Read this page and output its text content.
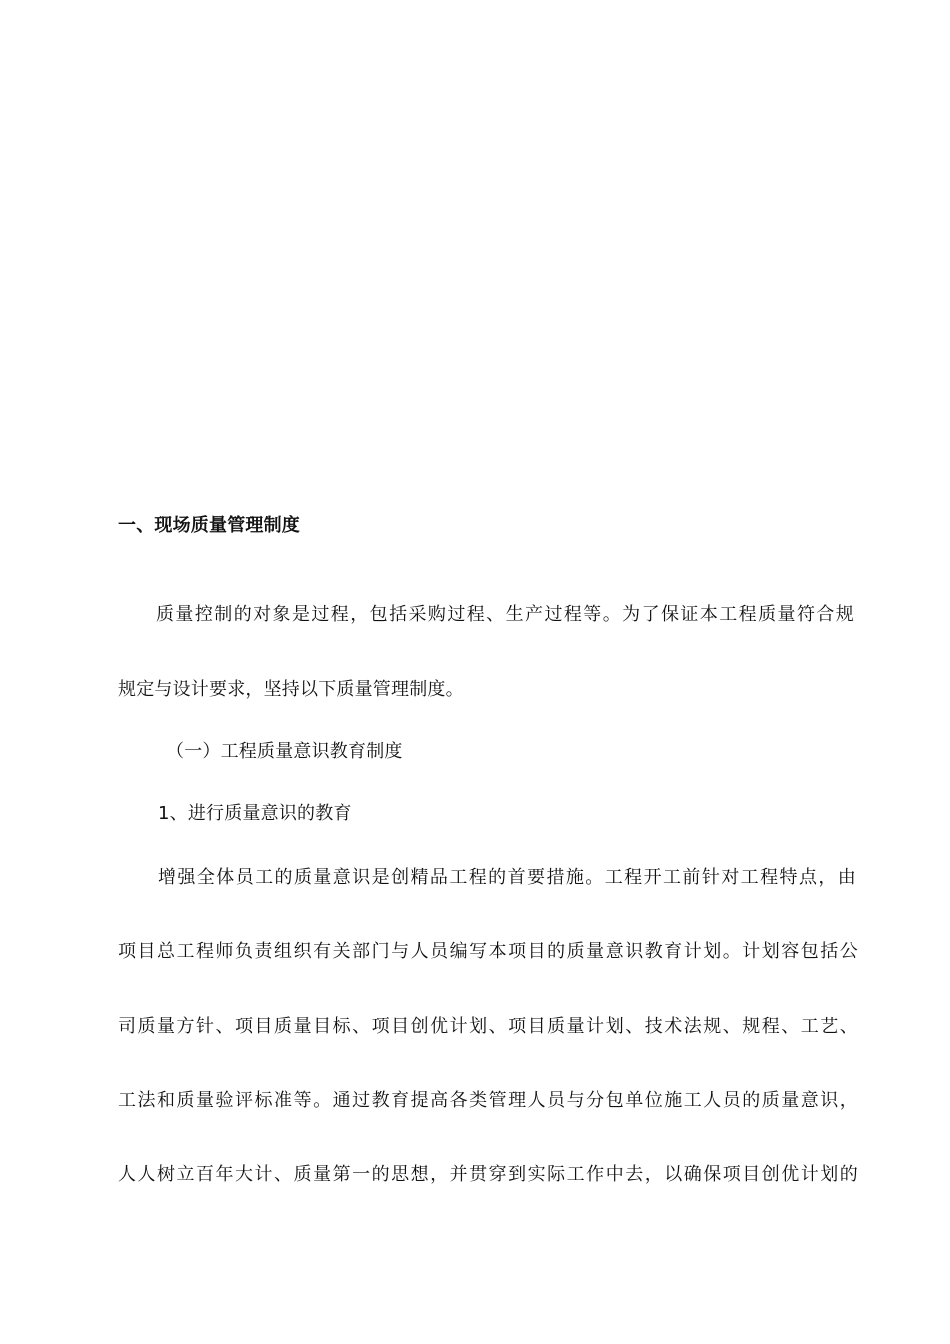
一、现场质量管理制度
质量控制的对象是过程，包括采购过程、生产过程等。为了保证本工程质量符合规
规定与设计要求，坚持以下质量管理制度。
（一）工程质量意识教育制度
1、进行质量意识的教育
增强全体员工的质量意识是创精品工程的首要措施。工程开工前针对工程特点，由
项目总工程师负责组织有关部门与人员编写本项目的质量意识教育计划。计划容包括公
司质量方针、项目质量目标、项目创优计划、项目质量计划、技术法规、规程、工艺、
工法和质量验评标准等。通过教育提高各类管理人员与分包单位施工人员的质量意识，
人人树立百年大计、质量第一的思想，并贯穿到实际工作中去，以确保项目创优计划的
